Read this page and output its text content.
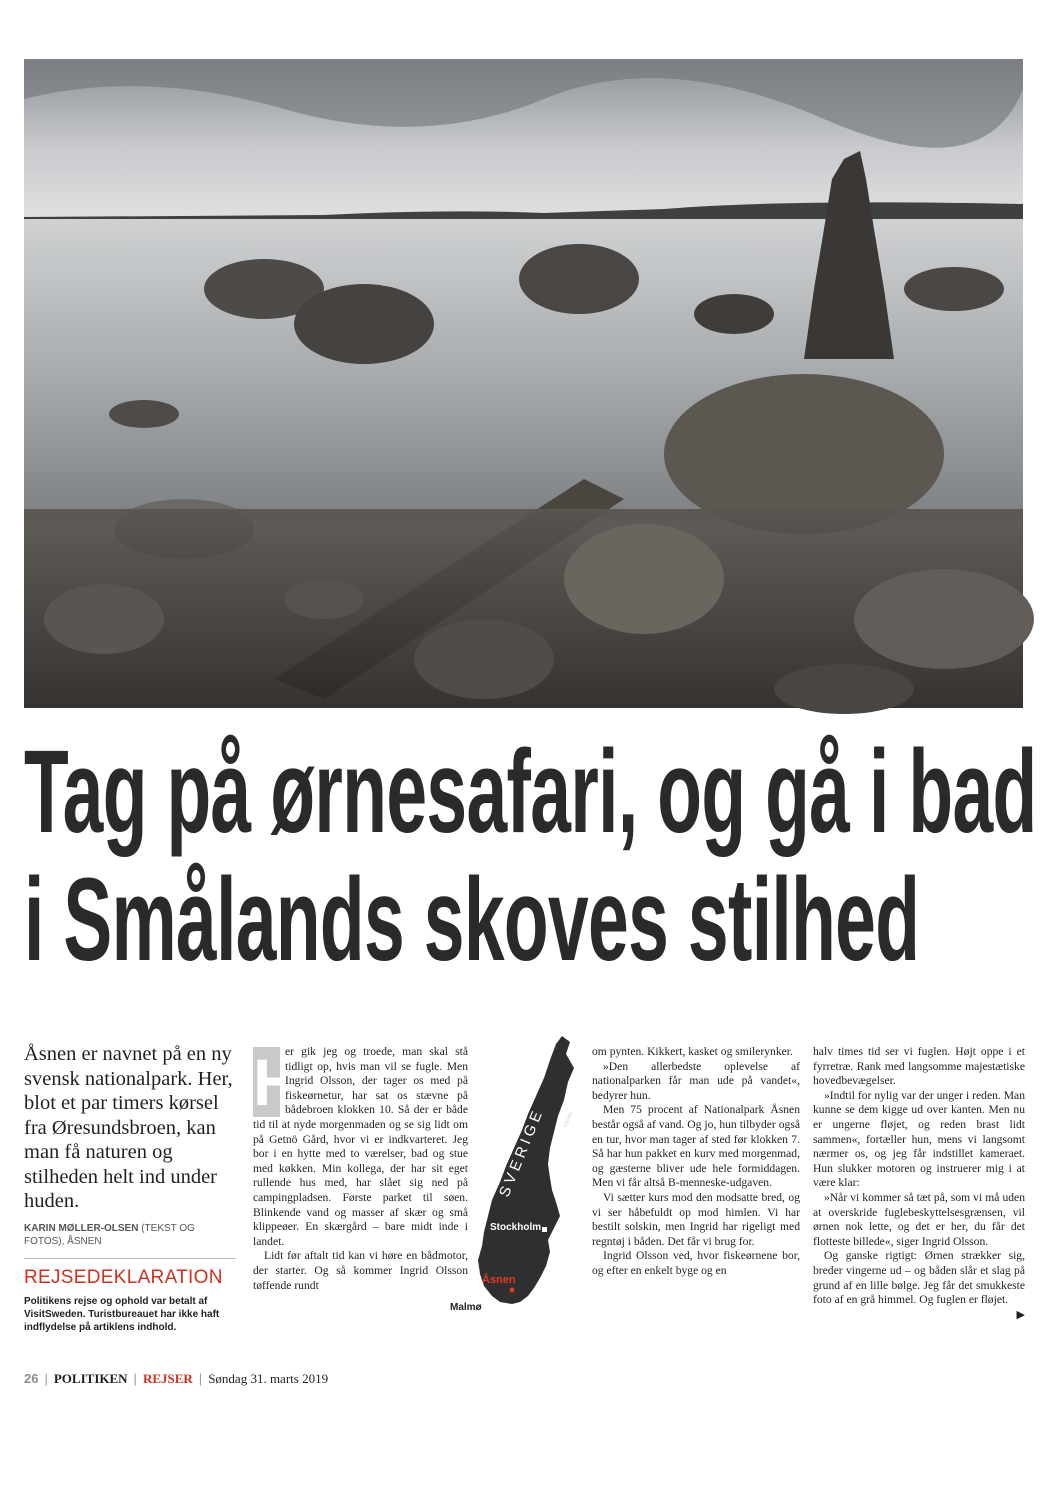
Tag på ørnesafari, og gå i bad
i Smålands skoves stilhed

Åsnen er navnet på en ny svensk nationalpark. Her, blot et par timers kørsel fra Øresundsbroen, kan man få naturen og stilheden helt ind under huden.

KARIN MØLLER-OLSEN (TEKST OG FOTOS), ÅSNEN

REJSEDEKLARATION

Politikens rejse og ophold var betalt af VisitSweden. Turistbureauet har ikke haft indflydelse på artiklens indhold.

H

er gik jeg og troede, man skal stå tidligt op, hvis man vil se fugle. Men Ingrid Olsson, der tager os med på fiskeørnetur, har sat os stævne på bådebroen klokken 10. Så der er både tid til at nyde morgenmaden og se sig lidt om på Getnö Gård, hvor vi er indkvarteret. Jeg bor i en hytte med to værelser, bad og stue med køkken. Min kollega, der har sit eget rullende hus med, har slået sig ned på campingpladsen. Første parket til søen. Blinkende vand og masser af skær og små klippeøer. En skærgård – bare midt inde i landet.

Lidt før aftalt tid kan vi høre en bådmotor, der starter. Og så kommer Ingrid Olsson tøffende rundt

SVERIGE	100 km
Stockholm
Åsnen
Malmø

om pynten. Kikkert, kasket og smilerynker.

»Den allerbedste oplevelse af nationalparken får man ude på vandet«, bedyrer hun.

Men 75 procent af Nationalpark Åsnen består også af vand. Og jo, hun tilbyder også en tur, hvor man tager af sted før klokken 7. Så har hun pakket en kurv med morgenmad, og gæsterne bliver ude hele formiddagen. Men vi får altså B-menneske-udgaven.

Vi sætter kurs mod den modsatte bred, og vi ser håbefuldt op mod himlen. Vi har bestilt solskin, men Ingrid har rigeligt med regntøj i båden. Det får vi brug for.

Ingrid Olsson ved, hvor fiskeørnene bor, og efter en enkelt byge og en

halv times tid ser vi fuglen. Højt oppe i et fyrretræ. Rank med langsomme majestætiske hovedbevægelser.

»Indtil for nylig var der unger i reden. Man kunne se dem kigge ud over kanten. Men nu er ungerne fløjet, og reden brast lidt sammen«, fortæller hun, mens vi langsomt nærmer os, og jeg får indstillet kameraet. Hun slukker motoren og instruerer mig i at være klar:

»Når vi kommer så tæt på, som vi må uden at overskride fuglebeskyttelsesgrænsen, vil ørnen nok lette, og det er her, du får det flotteste billede«, siger Ingrid Olsson.

Og ganske rigtigt: Ørnen strækker sig, breder vingerne ud – og båden slår et slag på grund af en lille bølge. Jeg får det smukkeste foto af en grå himmel. Og fuglen er fløjet.

▶
26 | POLITIKEN | REJSER | Søndag 31. marts 2019
